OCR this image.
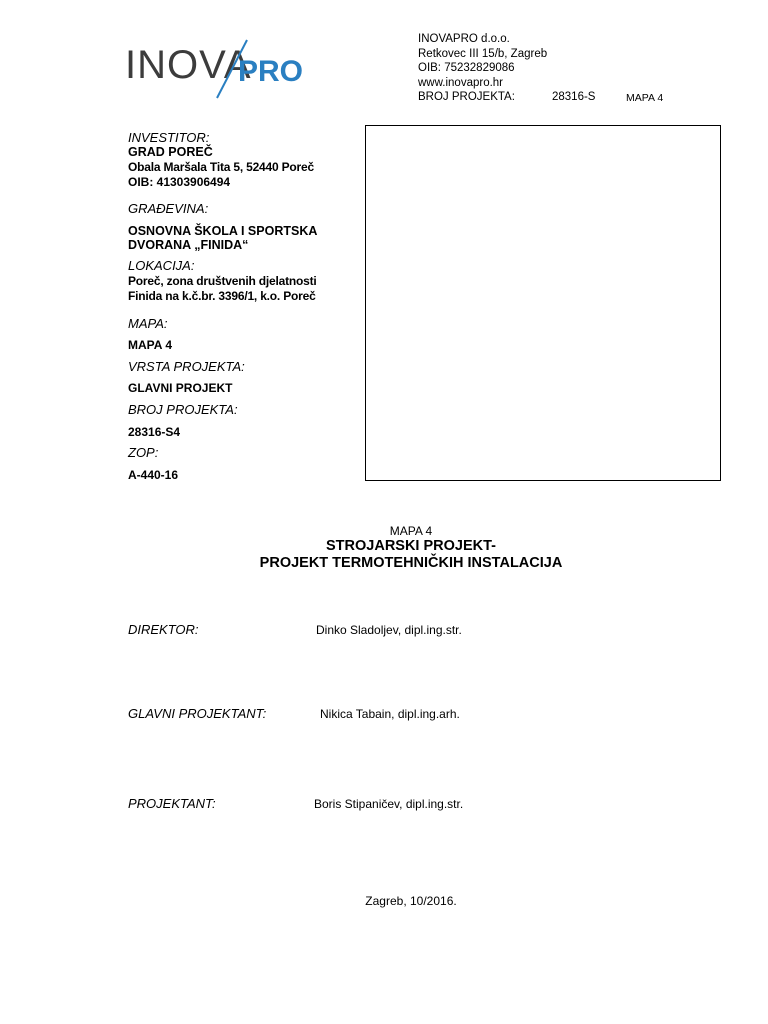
INOVA
PRO
INOVAPRO d.o.o.
Retkovec III 15/b, Zagreb
OIB: 75232829086
www.inovapro.hr
BROJ PROJEKTA:	28316-S	MAPA 4
INVESTITOR:
GRAD POREČ
Obala Maršala Tita 5, 52440 Poreč
OIB: 41303906494
GRAĐEVINA:
OSNOVNA ŠKOLA I SPORTSKA
DVORANA „FINIDA“
LOKACIJA:
Poreč, zona društvenih djelatnosti
Finida na k.č.br. 3396/1, k.o. Poreč
MAPA:
MAPA 4
VRSTA PROJEKTA:
GLAVNI PROJEKT
BROJ PROJEKTA:
28316-S4
ZOP:
A-440-16
MAPA 4
STROJARSKI PROJEKT-
PROJEKT TERMOTEHNIČKIH INSTALACIJA
DIREKTOR:	Dinko Sladoljev, dipl.ing.str.
GLAVNI PROJEKTANT:	Nikica Tabain, dipl.ing.arh.
PROJEKTANT:	Boris Stipaničev, dipl.ing.str.
Zagreb, 10/2016.
